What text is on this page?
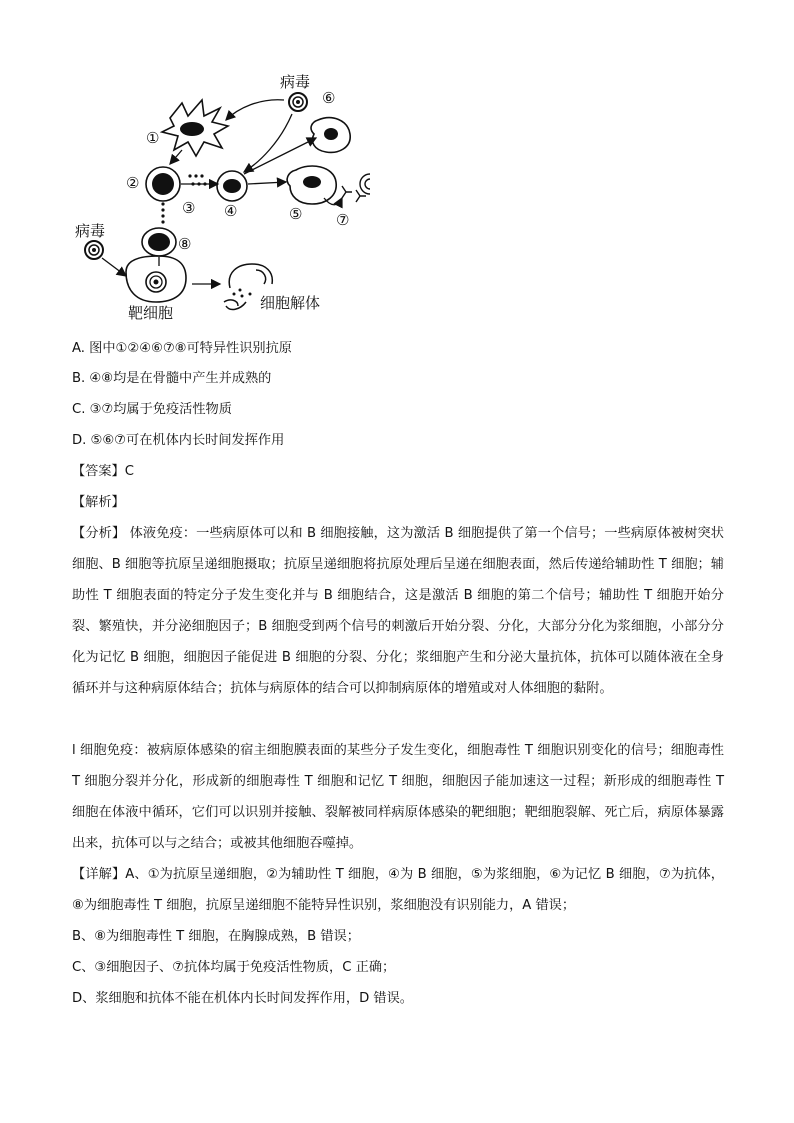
病毒
⑥
①
②
③ ④	⑤ ⑦
⑧
病毒
靶细胞
细胞解体
A. 图中①②④⑥⑦⑧可特异性识别抗原
B. ④⑧均是在骨髓中产生并成熟的
C. ③⑦均属于免疫活性物质
D. ⑤⑥⑦可在机体内长时间发挥作用
【答案】C
【解析】
【分析】 体液免疫：一些病原体可以和 B 细胞接触，这为激活 B 细胞提供了第一个信号；一些病原体被树突状细胞、B 细胞等抗原呈递细胞摄取；抗原呈递细胞将抗原处理后呈递在细胞表面，然后传递给辅助性 T 细胞；辅助性 T 细胞表面的特定分子发生变化并与 B 细胞结合，这是激活 B 细胞的第二个信号；辅助性 T 细胞开始分裂、繁殖快，并分泌细胞因子；B 细胞受到两个信号的刺激后开始分裂、分化，大部分分化为浆细胞，小部分分化为记忆 B 细胞，细胞因子能促进 B 细胞的分裂、分化；浆细胞产生和分泌大量抗体，抗体可以随体液在全身循环并与这种病原体结合；抗体与病原体的结合可以抑制病原体的增殖或对人体细胞的黏附。
l 细胞免疫：被病原体感染的宿主细胞膜表面的某些分子发生变化，细胞毒性 T 细胞识别变化的信号；细胞毒性 T 细胞分裂并分化，形成新的细胞毒性 T 细胞和记忆 T 细胞，细胞因子能加速这一过程；新形成的细胞毒性 T 细胞在体液中循环，它们可以识别并接触、裂解被同样病原体感染的靶细胞；靶细胞裂解、死亡后，病原体暴露出来，抗体可以与之结合；或被其他细胞吞噬掉。
【详解】A、①为抗原呈递细胞，②为辅助性 T 细胞，④为 B 细胞，⑤为浆细胞，⑥为记忆 B 细胞，⑦为抗体，⑧为细胞毒性 T 细胞，抗原呈递细胞不能特异性识别，浆细胞没有识别能力，A 错误；
B、⑧为细胞毒性 T 细胞，在胸腺成熟，B 错误；
C、③细胞因子、⑦抗体均属于免疫活性物质，C 正确；
D、浆细胞和抗体不能在机体内长时间发挥作用，D 错误。
